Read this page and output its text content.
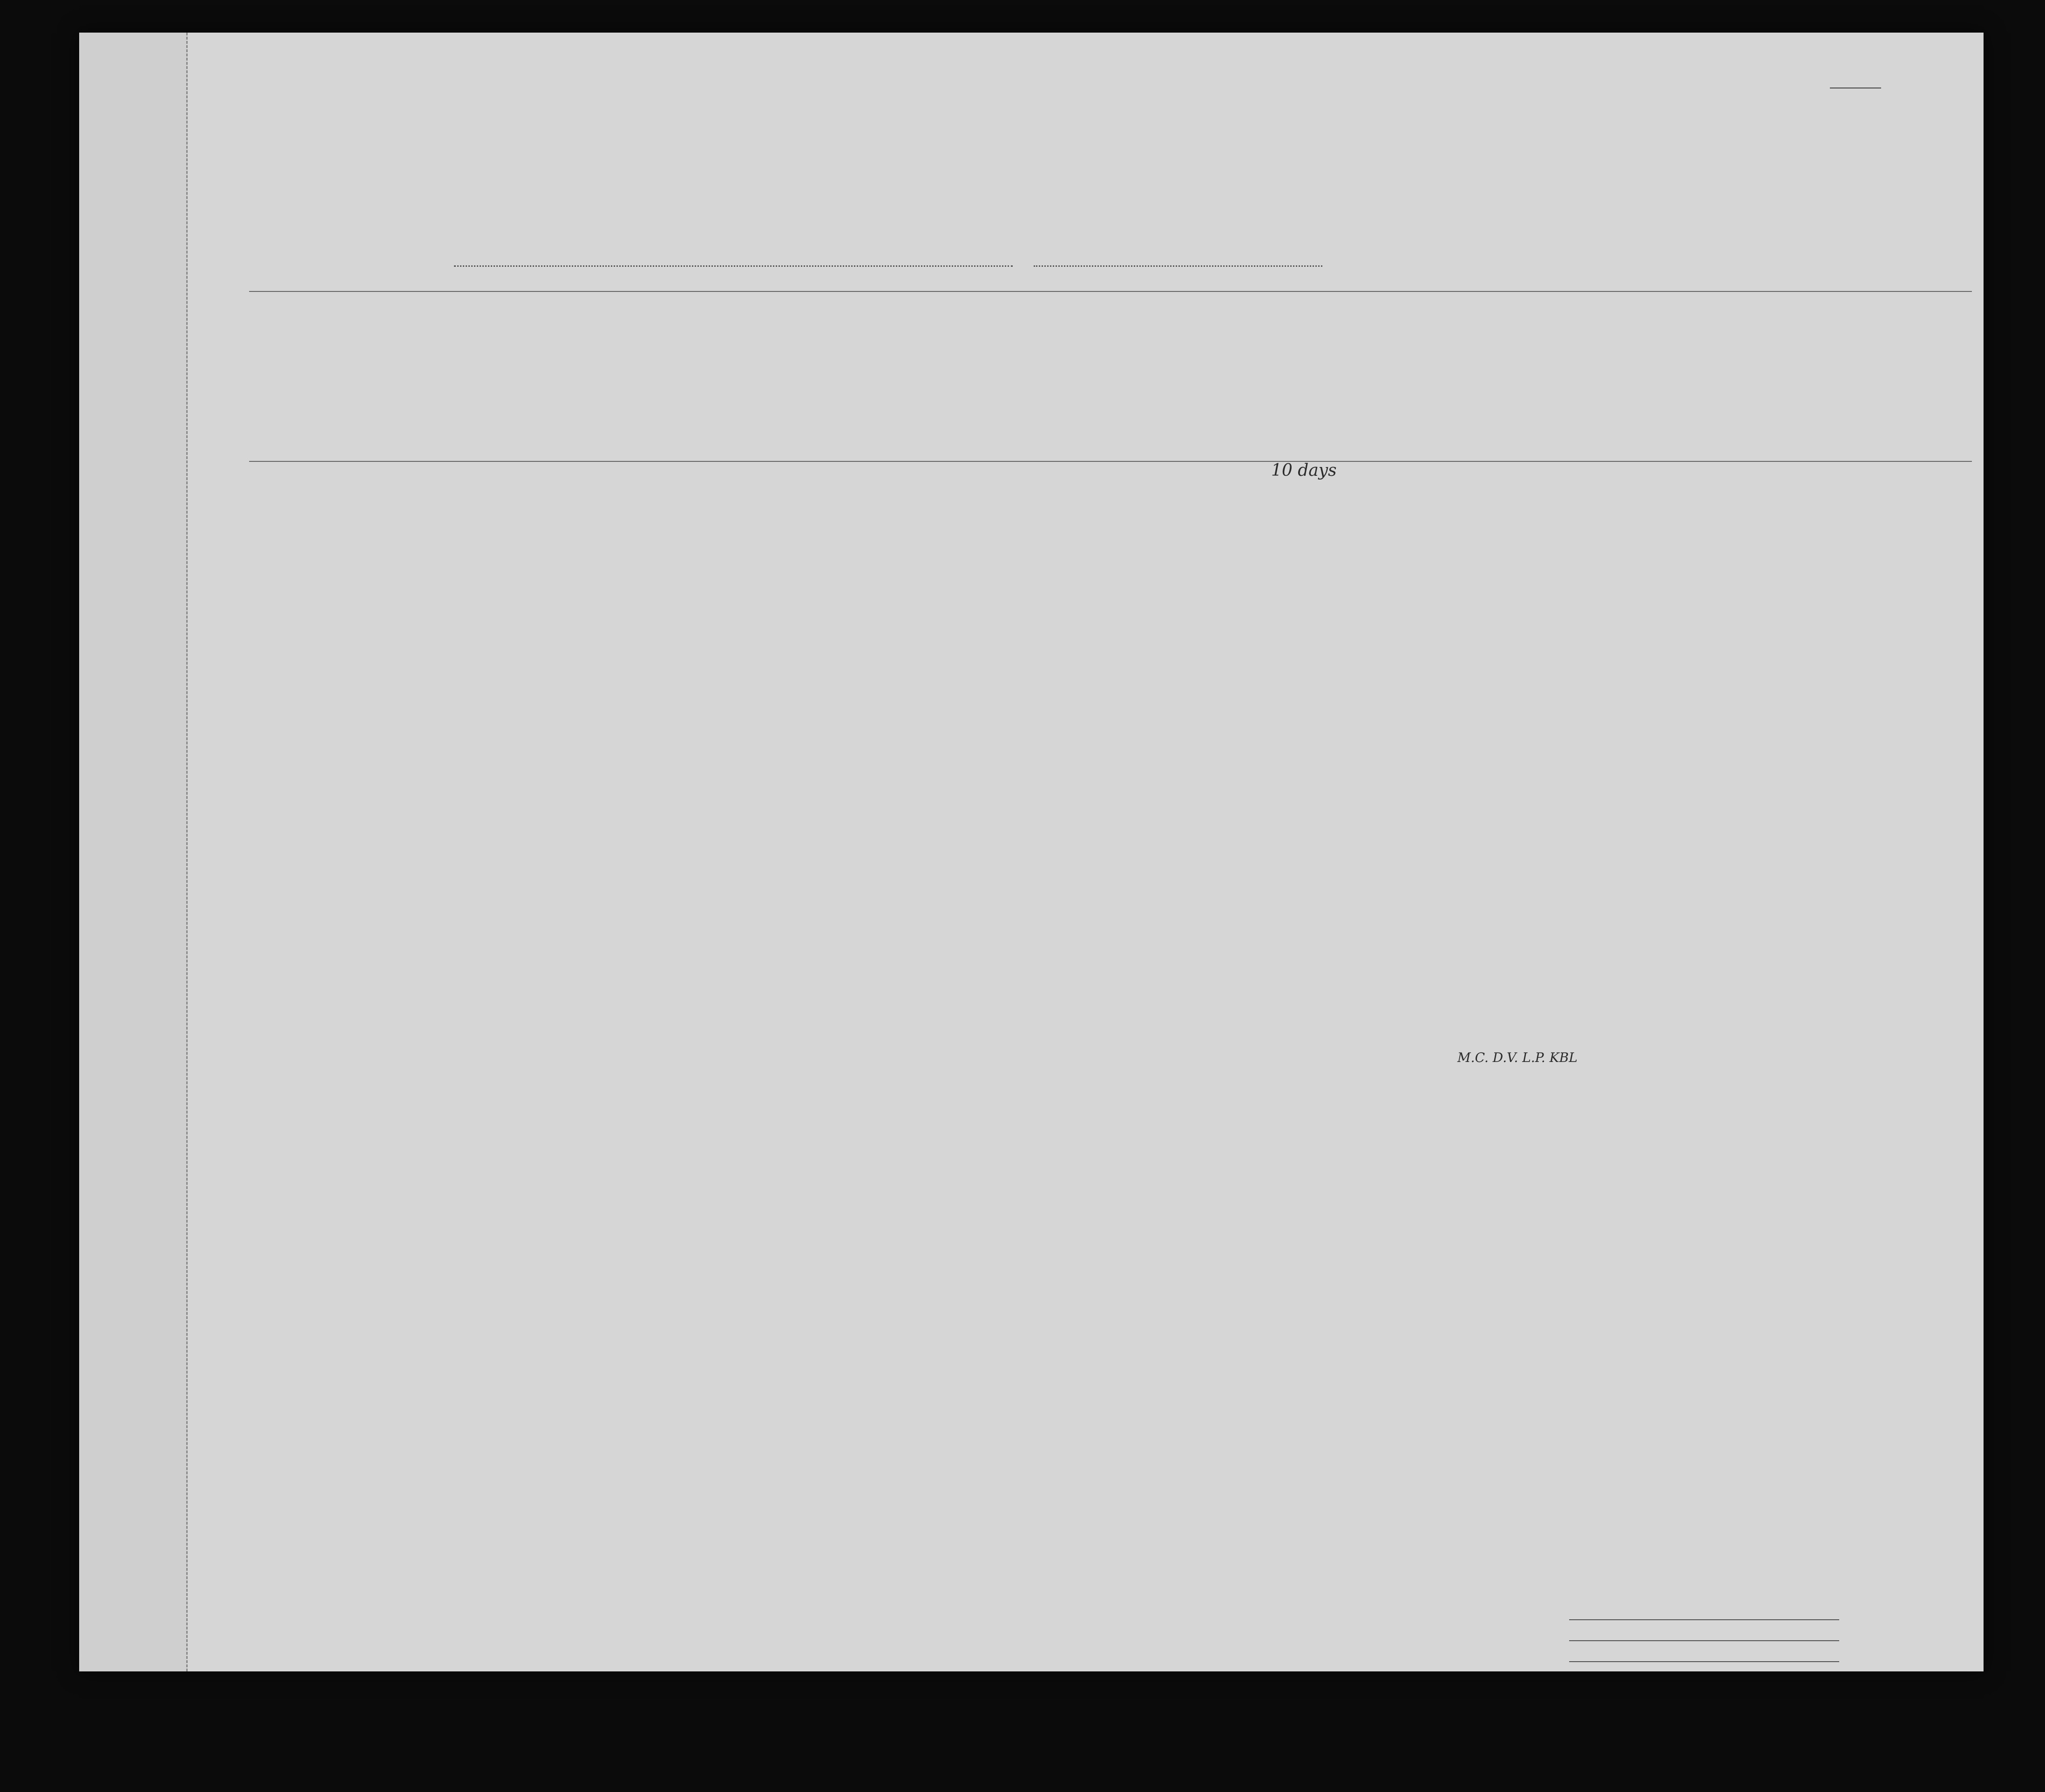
10 days
M.C. D.V. L.P. KBL
